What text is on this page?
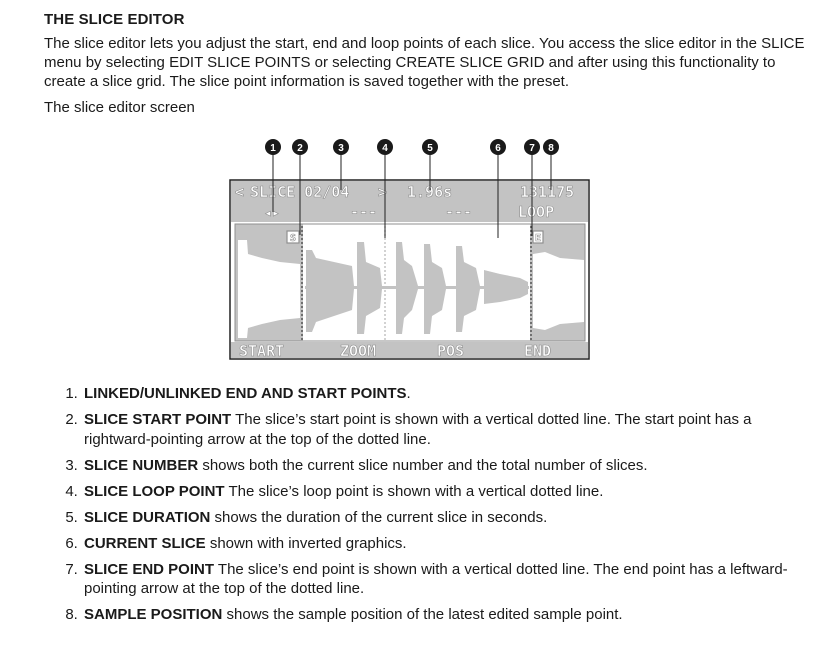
THE SLICE EDITOR

The slice editor lets you adjust the start, end and loop points of each slice. You access the slice editor in the SLICE menu by selecting EDIT SLICE POINTS or selecting CREATE SLICE GRID and after using this functionality to create a slice grid. The slice point information is saved together with the preset.

The slice editor screen

S	E
< SLICE 02/04 > 1.96s	131175
◂▸	---	---	LOOP
START	ZOOM	POS	END
1 2	3	4	5	6	7 8
1. LINKED/UNLINKED END AND START POINTS.
2. SLICE START POINT The slice’s start point is shown with a vertical dotted line. The start point has a rightward-pointing arrow at the top of the dotted line.
3. SLICE NUMBER shows both the current slice number and the total number of slices.
4. SLICE LOOP POINT The slice’s loop point is shown with a vertical dotted line.
5. SLICE DURATION shows the duration of the current slice in seconds.
6. CURRENT SLICE shown with inverted graphics.
7. SLICE END POINT The slice’s end point is shown with a vertical dotted line. The end point has a leftward-pointing arrow at the top of the dotted line.
8. SAMPLE POSITION shows the sample position of the latest edited sample point.
